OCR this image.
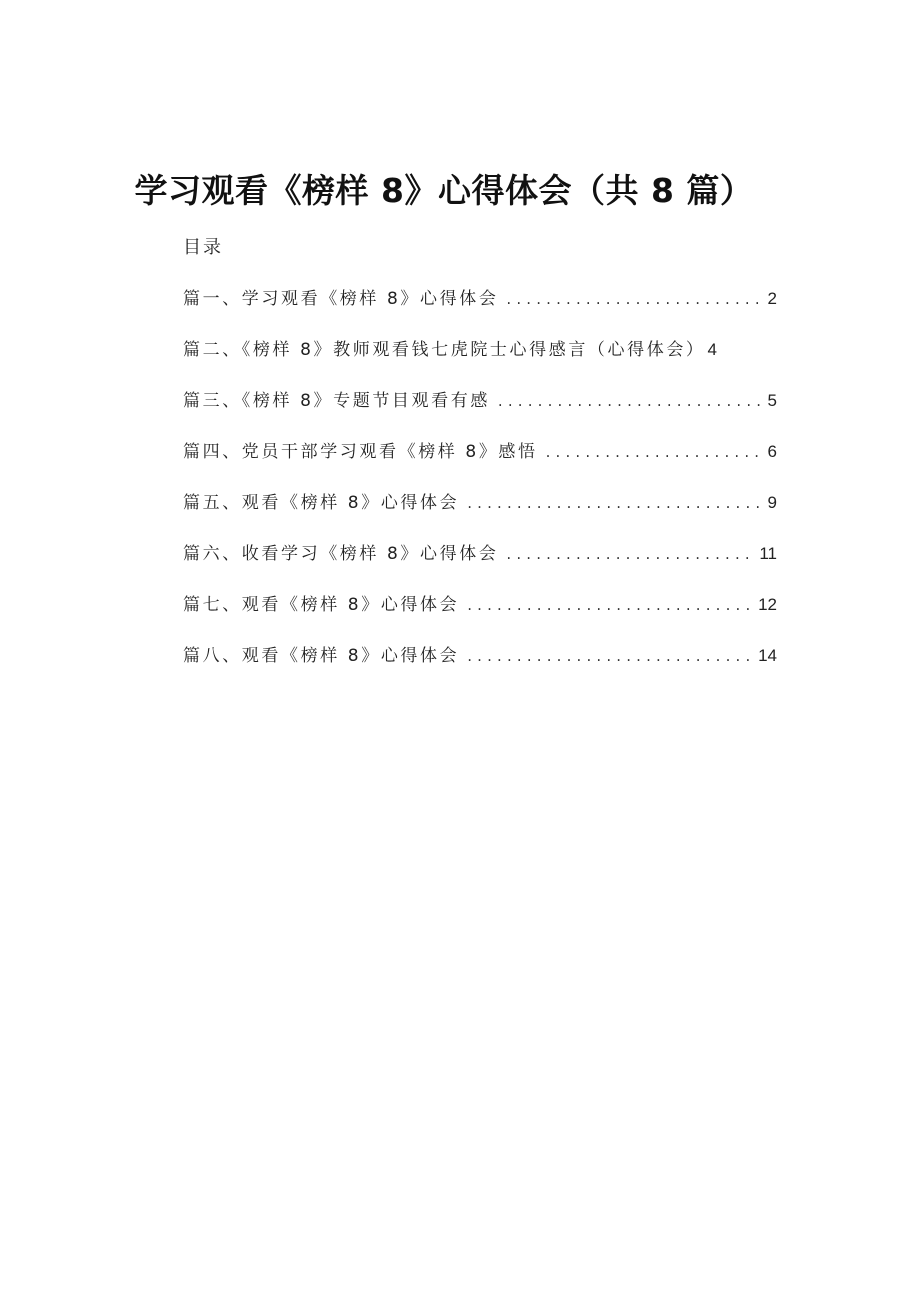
学习观看《榜样 8》心得体会（共 8 篇）
目录
篇一、学习观看《榜样 8》心得体会 . . .	2
篇二、《榜样 8》教师观看钱七虎院士心得感言（心得体会） 4
篇三、《榜样 8》专题节目观看有感 . . .	5
篇四、党员干部学习观看《榜样 8》感悟 . . .	6
篇五、观看《榜样 8》心得体会 . . .	9
篇六、收看学习《榜样 8》心得体会 . . .	11
篇七、观看《榜样 8》心得体会 . . .	12
篇八、观看《榜样 8》心得体会 . . .	14
